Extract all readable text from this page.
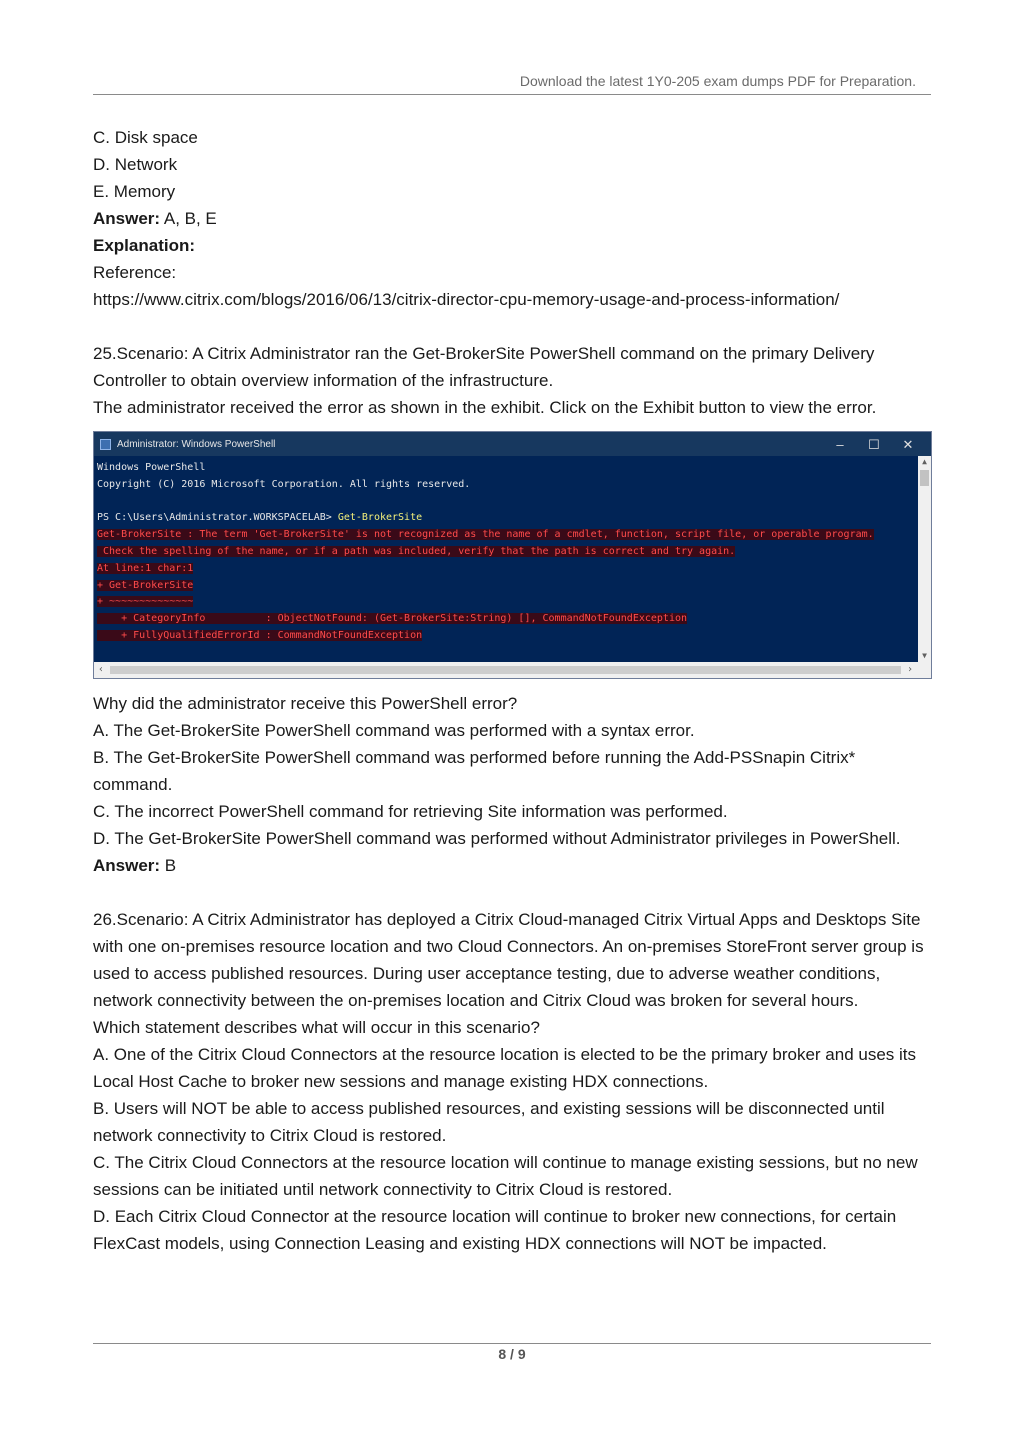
Download the latest 1Y0-205 exam dumps PDF for Preparation.
C. Disk space
D. Network
E. Memory
Answer: A, B, E
Explanation:
Reference:
https://www.citrix.com/blogs/2016/06/13/citrix-director-cpu-memory-usage-and-process-information/
25.Scenario: A Citrix Administrator ran the Get-BrokerSite PowerShell command on the primary Delivery Controller to obtain overview information of the infrastructure.
The administrator received the error as shown in the exhibit. Click on the Exhibit button to view the error.
Administrator: Windows PowerShell	–	☐	✕
Windows PowerShell
Copyright (C) 2016 Microsoft Corporation. All rights reserved.
PS C:\Users\Administrator.WORKSPACELAB> Get-BrokerSite
Get-BrokerSite : The term 'Get-BrokerSite' is not recognized as the name of a cmdlet, function, script file, or operable program.
Check the spelling of the name, or if a path was included, verify that the path is correct and try again.
At line:1 char:1
+ Get-BrokerSite
+ ~~~~~~~~~~~~~~
+ CategoryInfo          : ObjectNotFound: (Get-BrokerSite:String) [], CommandNotFoundException
+ FullyQualifiedErrorId : CommandNotFoundException
▲
▼
‹	›
Why did the administrator receive this PowerShell error?
A. The Get-BrokerSite PowerShell command was performed with a syntax error.
B. The Get-BrokerSite PowerShell command was performed before running the Add-PSSnapin Citrix* command.
C. The incorrect PowerShell command for retrieving Site information was performed.
D. The Get-BrokerSite PowerShell command was performed without Administrator privileges in PowerShell.
Answer: B
26.Scenario: A Citrix Administrator has deployed a Citrix Cloud-managed Citrix Virtual Apps and Desktops Site with one on-premises resource location and two Cloud Connectors. An on-premises StoreFront server group is used to access published resources. During user acceptance testing, due to adverse weather conditions, network connectivity between the on-premises location and Citrix Cloud was broken for several hours.
Which statement describes what will occur in this scenario?
A. One of the Citrix Cloud Connectors at the resource location is elected to be the primary broker and uses its Local Host Cache to broker new sessions and manage existing HDX connections.
B. Users will NOT be able to access published resources, and existing sessions will be disconnected until network connectivity to Citrix Cloud is restored.
C. The Citrix Cloud Connectors at the resource location will continue to manage existing sessions, but no new sessions can be initiated until network connectivity to Citrix Cloud is restored.
D. Each Citrix Cloud Connector at the resource location will continue to broker new connections, for certain FlexCast models, using Connection Leasing and existing HDX connections will NOT be impacted.
8 / 9
